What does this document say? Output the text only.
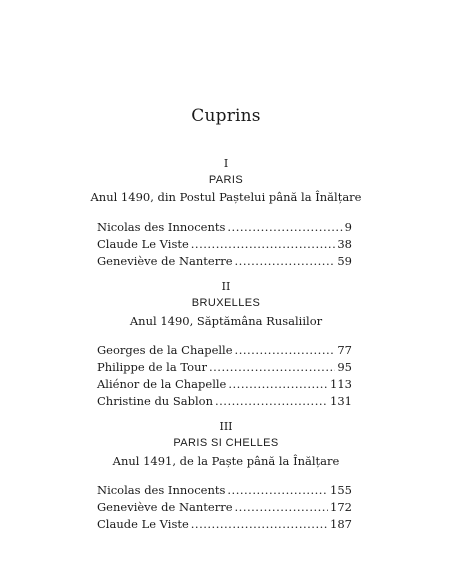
Cuprins
I
PARIS
Anul 1490, din Postul Paștelui până la Înălțare
Nicolas des Innocents .....	9
Claude Le Viste .....	38
Geneviève de Nanterre .....	59
II
BRUXELLES
Anul 1490, Săptămâna Rusaliilor
Georges de la Chapelle .....	77
Philippe de la Tour .....	95
Aliénor de la Chapelle .....	113
Christine du Sablon .....	131
III
PARIS SI CHELLES
Anul 1491, de la Paște până la Înălțare
Nicolas des Innocents .....	155
Geneviève de Nanterre .....	172
Claude Le Viste .....	187
